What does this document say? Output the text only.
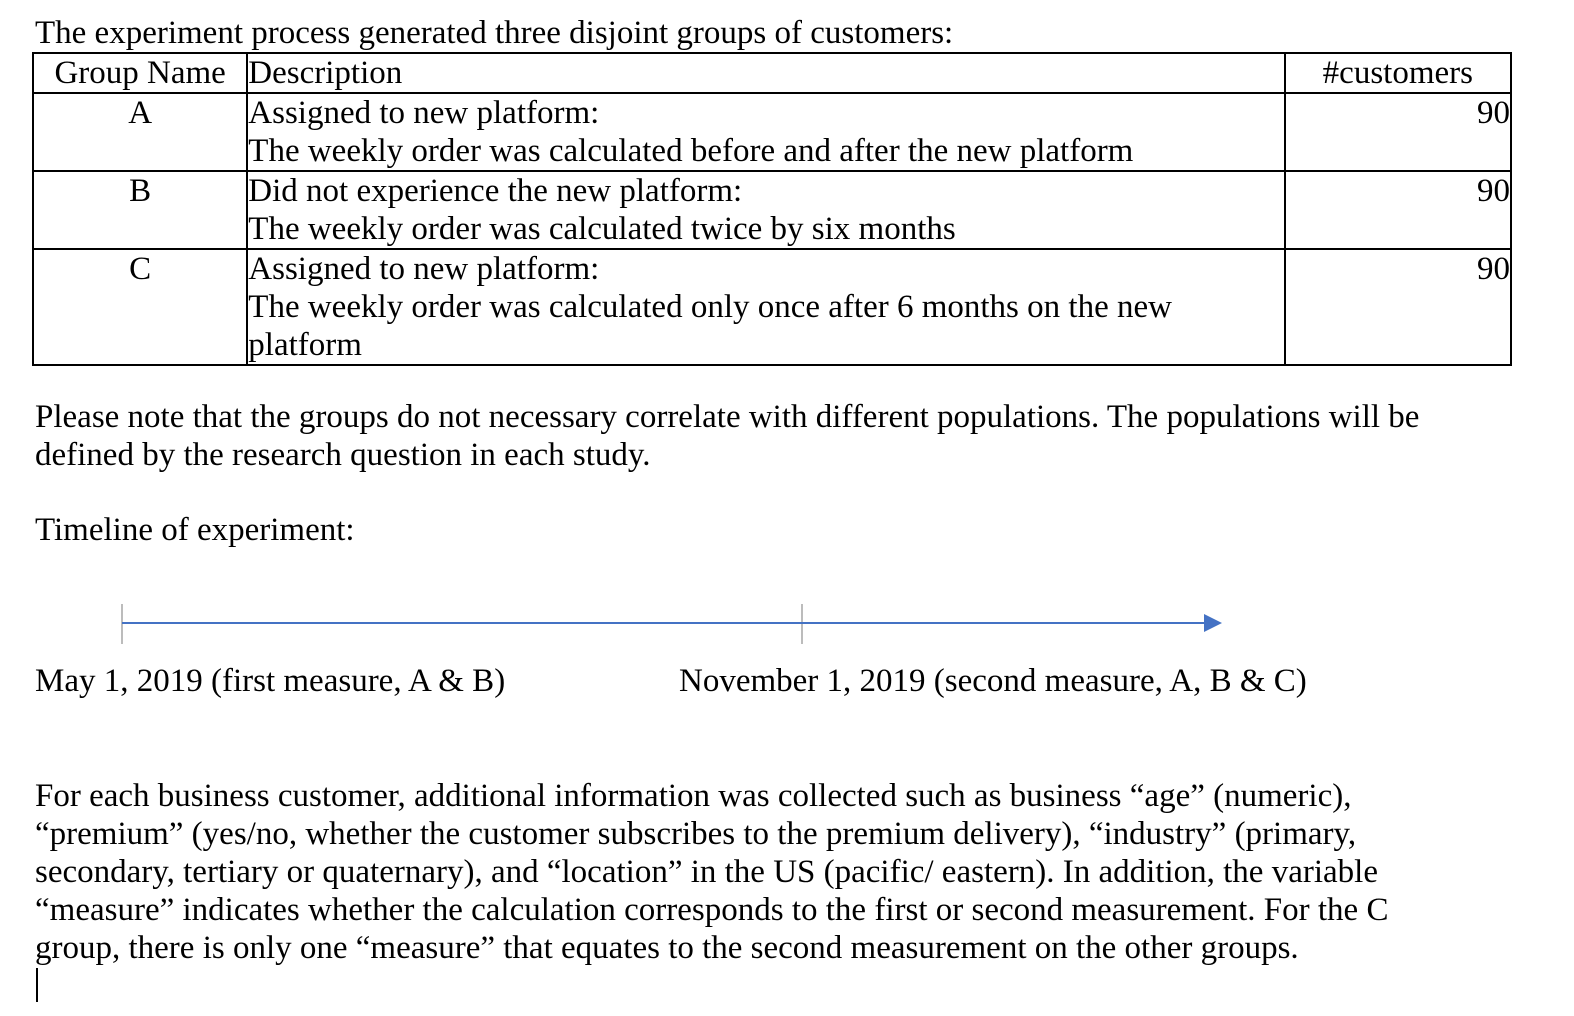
The experiment process generated three disjoint groups of customers:

Group Name	Description	#customers
A	Assigned to new platform:
The weekly order was calculated before and after the new platform	90
B	Did not experience the new platform:
The weekly order was calculated twice by six months	90
C	Assigned to new platform:
The weekly order was calculated only once after 6 months on the new
platform	90

Please note that the groups do not necessary correlate with different populations. The populations will be defined by the research question in each study.

Timeline of experiment:

May 1, 2019 (first measure, A & B)	November 1, 2019 (second measure, A, B & C)

For each business customer, additional information was collected such as business “age” (numeric),
“premium” (yes/no, whether the customer subscribes to the premium delivery), “industry” (primary,
secondary, tertiary or quaternary), and “location” in the US (pacific/ eastern). In addition, the variable
“measure” indicates whether the calculation corresponds to the first or second measurement. For the C
group, there is only one “measure” that equates to the second measurement on the other groups.
